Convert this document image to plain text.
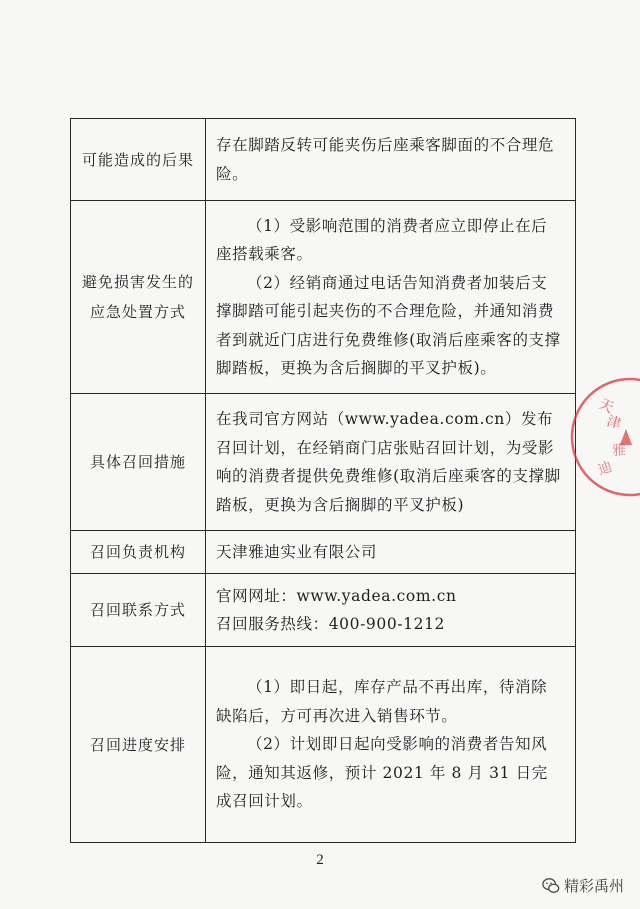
可能造成的后果	存在脚踏反转可能夹伤后座乘客脚面的不合理危险。

避免损害发生的应急处置方式	（1）受影响范围的消费者应立即停止在后座搭载乘客。

（2）经销商通过电话告知消费者加装后支撑脚踏可能引起夹伤的不合理危险，并通知消费者到就近门店进行免费维修(取消后座乘客的支撑脚踏板，更换为含后搁脚的平叉护板)。

具体召回措施	在我司官方网站（www.yadea.com.cn）发布召回计划，在经销商门店张贴召回计划，为受影响的消费者提供免费维修(取消后座乘客的支撑脚踏板，更换为含后搁脚的平叉护板)

召回负责机构	天津雅迪实业有限公司

召回联系方式	官网网址：www.yadea.com.cn

召回服务热线：400-900-1212

召回进度安排	（1）即日起，库存产品不再出库，待消除缺陷后，方可再次进入销售环节。

（2）计划即日起向受影响的消费者告知风险，通知其返修，预计 2021 年 8 月 31 日完成召回计划。

天
津
雅
迪
2
精彩禹州
